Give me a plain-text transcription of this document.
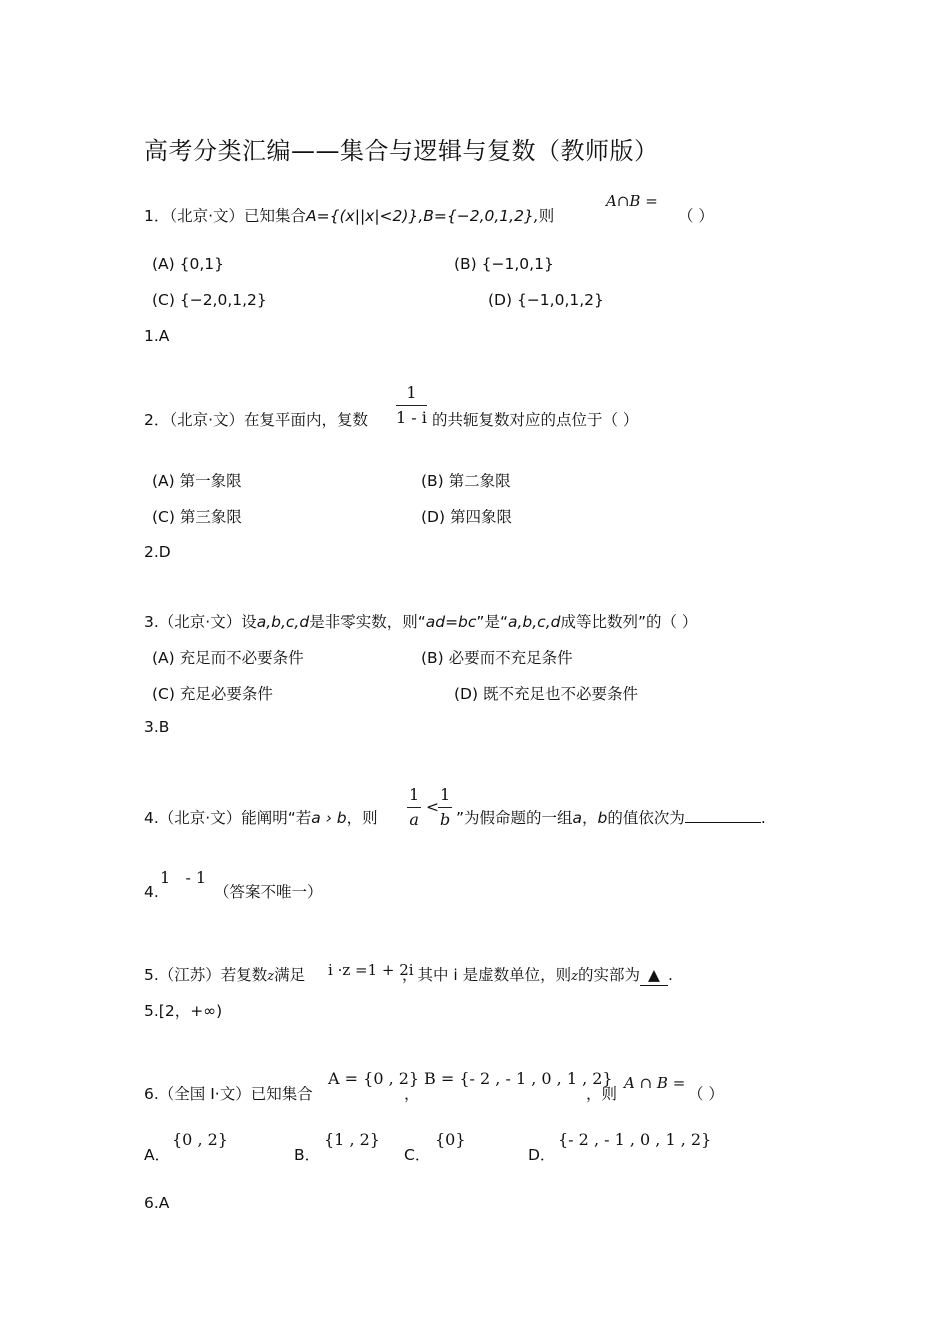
高考分类汇编——集合与逻辑与复数（教师版）
1．（北京·文）已知集合A={(x||x|<2)},B={−2,0,1,2},则
A∩B =
（ ）
(A) {0,1}	(B) {−1,0,1}
(C) {−2,0,1,2}	(D) {−1,0,1,2}
1.A
2．（北京·文）在复平面内，复数 $\frac{1}{1 - i}$ 的共轭复数对应的点位于（ ）
(A) 第一象限	(B) 第二象限
(C) 第三象限	(D) 第四象限
2.D
3.（北京·文）设a,b,c,d是非零实数，则“ad=bc”是“a,b,c,d成等比数列”的（ ）
(A) 充足而不必要条件	(B) 必要而不充足条件
(C) 充足必要条件	(D) 既不充足也不必要条件
3.B
4.（北京·文）能阐明“若a › b，则 $\frac{1}{a} < \frac{1}{b}$ ”为假命题的一组a，b的值依次为	.
4.
1   - 1
（答案不唯一）
5.（江苏）若复数z满足 i ·z =1 + 2i
，其中 i 是虚数单位，则z的实部为 ▲ .
5.[2，+∞)
6.（全国 Ⅰ·文）已知集合
A = {0 , 2}
，
B = {- 2 , - 1 , 0 , 1 , 2}
，则
A ∩ B =
（ ）
A．
{0 , 2}
B．
{1 , 2}
C．
{0}
D．
{- 2 , - 1 , 0 , 1 , 2}
6.A
